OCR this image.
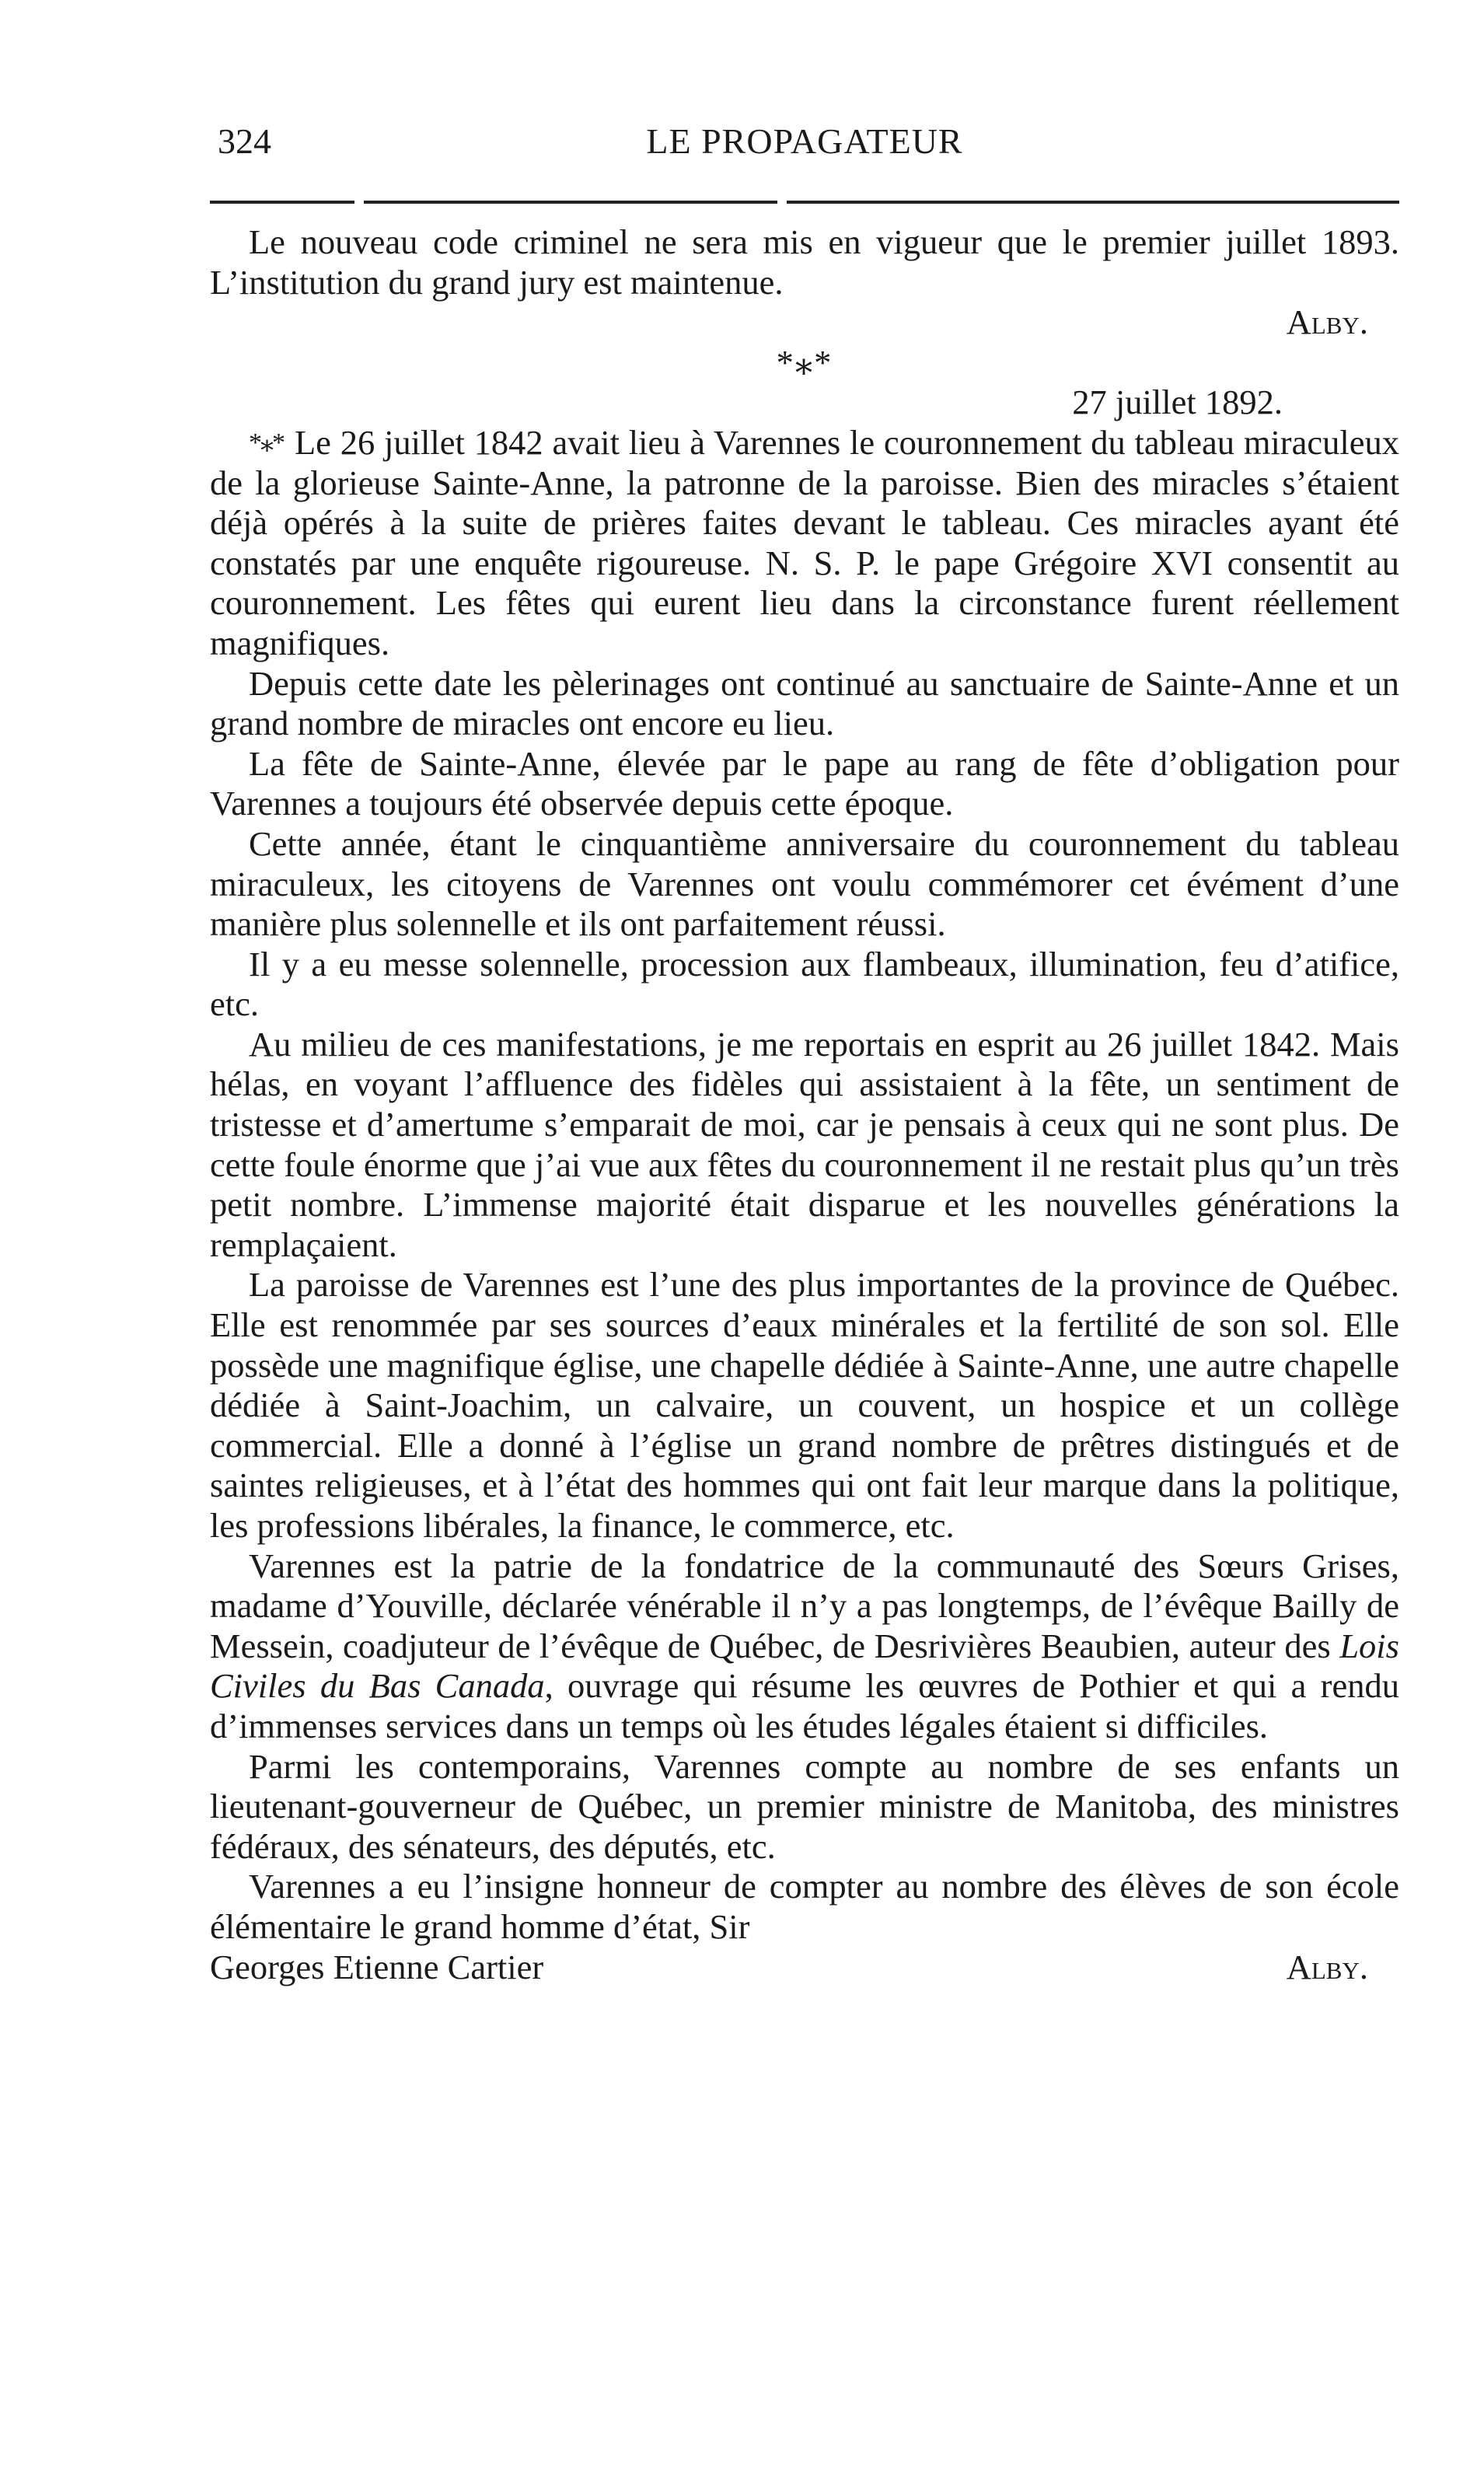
324	LE PROPAGATEUR

Le nouveau code criminel ne sera mis en vigueur que le premier juillet 1893. L’institution du grand jury est maintenue.

Alby.
*⁎*
27 juillet 1892.

*⁎* Le 26 juillet 1842 avait lieu à Varennes le couronnement du tableau miraculeux de la glorieuse Sainte-Anne, la patronne de la paroisse. Bien des miracles s’étaient déjà opérés à la suite de prières faites devant le tableau. Ces miracles ayant été constatés par une enquête rigoureuse. N. S. P. le pape Grégoire XVI consentit au couronnement. Les fêtes qui eurent lieu dans la circonstance furent réellement magnifiques.

Depuis cette date les pèlerinages ont continué au sanctuaire de Sainte-Anne et un grand nombre de miracles ont encore eu lieu.

La fête de Sainte-Anne, élevée par le pape au rang de fête d’obligation pour Varennes a toujours été observée depuis cette époque.

Cette année, étant le cinquantième anniversaire du couronnement du tableau miraculeux, les citoyens de Varennes ont voulu commémorer cet évément d’une manière plus solennelle et ils ont parfaitement réussi.

Il y a eu messe solennelle, procession aux flambeaux, illumination, feu d’atifice, etc.

Au milieu de ces manifestations, je me reportais en esprit au 26 juillet 1842. Mais hélas, en voyant l’affluence des fidèles qui assistaient à la fête, un sentiment de tristesse et d’amertume s’emparait de moi, car je pensais à ceux qui ne sont plus. De cette foule énorme que j’ai vue aux fêtes du couronnement il ne restait plus qu’un très petit nombre. L’immense majorité était disparue et les nouvelles générations la remplaçaient.

La paroisse de Varennes est l’une des plus importantes de la province de Québec. Elle est renommée par ses sources d’eaux minérales et la fertilité de son sol. Elle possède une magnifique église, une chapelle dédiée à Sainte-Anne, une autre chapelle dédiée à Saint-Joachim, un calvaire, un couvent, un hospice et un collège commercial. Elle a donné à l’église un grand nombre de prêtres distingués et de saintes religieuses, et à l’état des hommes qui ont fait leur marque dans la politique, les professions libérales, la finance, le commerce, etc.

Varennes est la patrie de la fondatrice de la communauté des Sœurs Grises, madame d’Youville, déclarée vénérable il n’y a pas longtemps, de l’évêque Bailly de Messein, coadjuteur de l’évêque de Québec, de Desrivières Beaubien, auteur des Lois Civiles du Bas Canada, ouvrage qui résume les œuvres de Pothier et qui a rendu d’immenses services dans un temps où les études légales étaient si difficiles.

Parmi les contemporains, Varennes compte au nombre de ses enfants un lieutenant-gouverneur de Québec, un premier ministre de Manitoba, des ministres fédéraux, des sénateurs, des députés, etc.

Varennes a eu l’insigne honneur de compter au nombre des élèves de son école élémentaire le grand homme d’état, Sir

Georges Etienne Cartier	Alby.
